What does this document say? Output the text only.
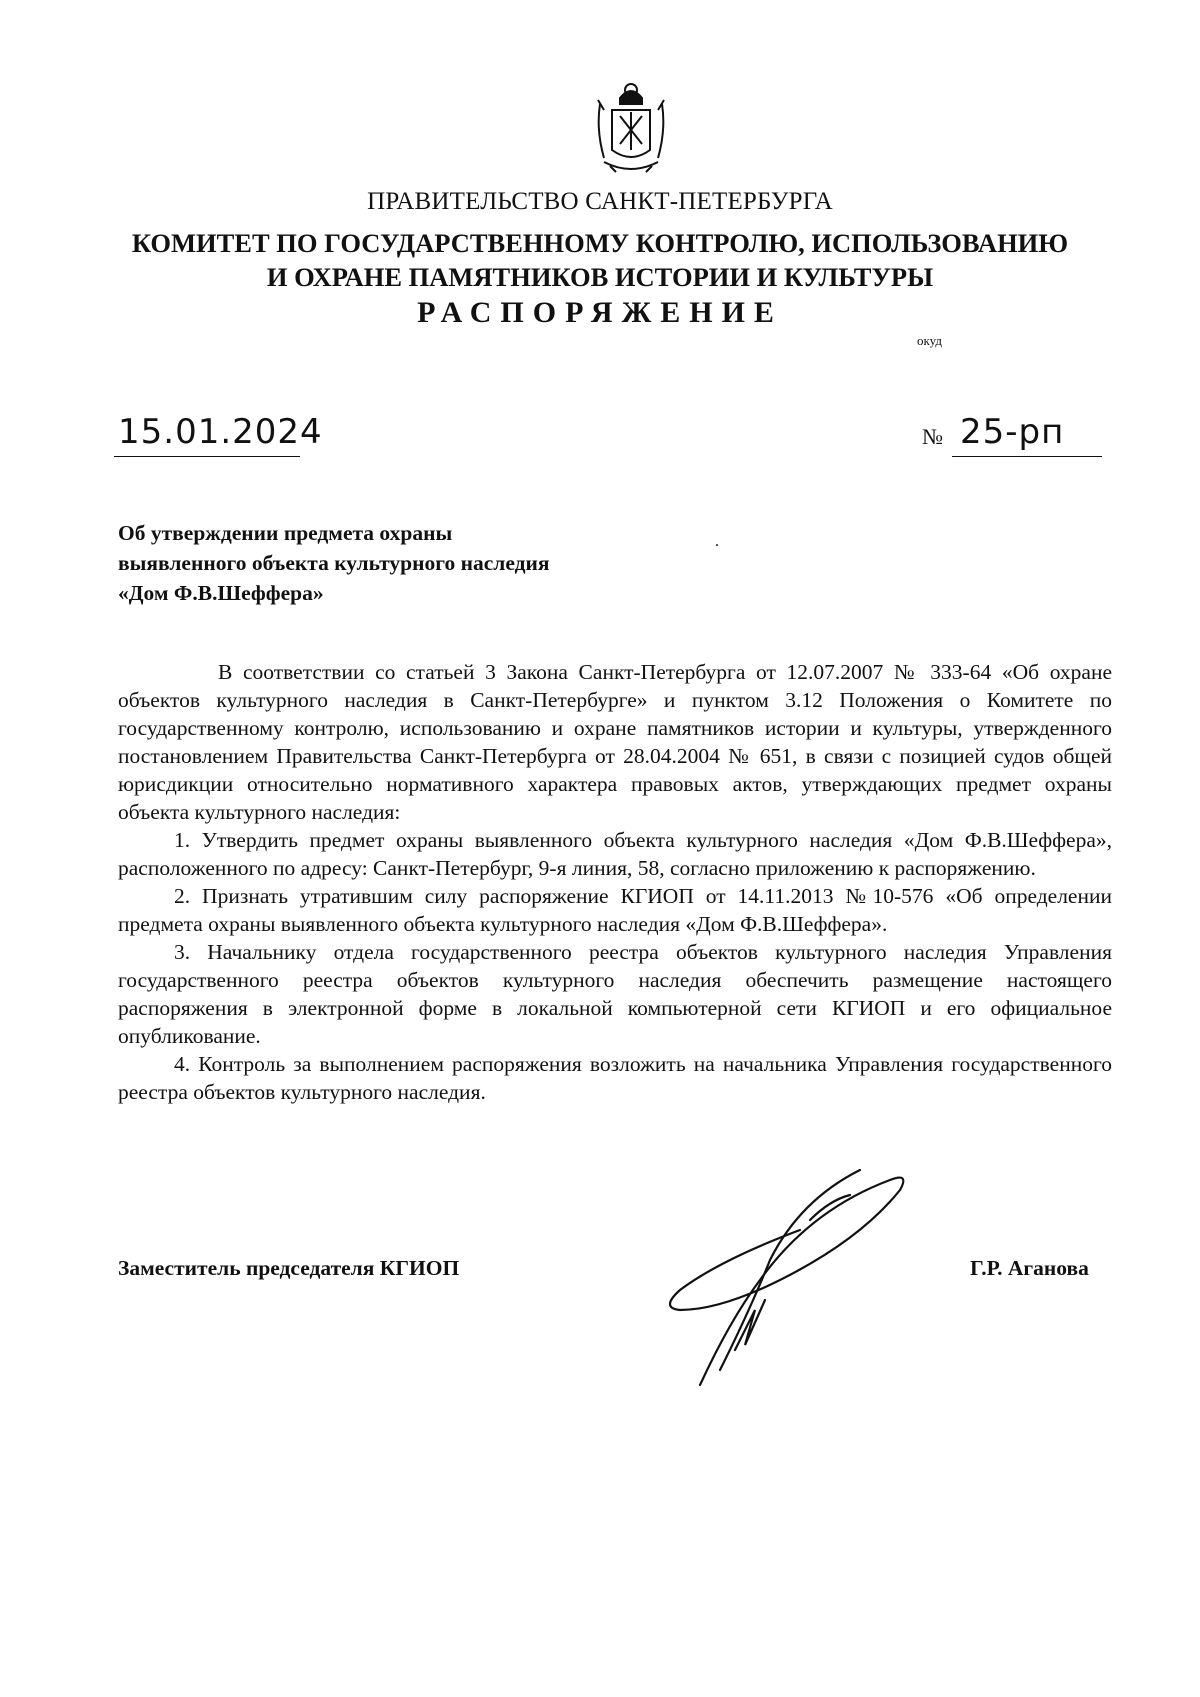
ПРАВИТЕЛЬСТВО САНКТ-ПЕТЕРБУРГА
КОМИТЕТ ПО ГОСУДАРСТВЕННОМУ КОНТРОЛЮ, ИСПОЛЬЗОВАНИЮ
И ОХРАНЕ ПАМЯТНИКОВ ИСТОРИИ И КУЛЬТУРЫ
РАСПОРЯЖЕНИЕ
окуд
15.01.2024	№ 25-рп
Об утверждении предмета охраны
выявленного объекта культурного наследия
«Дом Ф.В.Шеффера»

В соответствии со статьей 3 Закона Санкт-Петербурга от 12.07.2007 № 333-64 «Об охране объектов культурного наследия в Санкт-Петербурге» и пунктом 3.12 Положения о Комитете по государственному контролю, использованию и охране памятников истории и культуры, утвержденного постановлением Правительства Санкт-Петербурга от 28.04.2004 № 651, в связи с позицией судов общей юрисдикции относительно нормативного характера правовых актов, утверждающих предмет охраны объекта культурного наследия:

1. Утвердить предмет охраны выявленного объекта культурного наследия «Дом Ф.В.Шеффера», расположенного по адресу: Санкт-Петербург, 9-я линия, 58, согласно приложению к распоряжению.

2. Признать утратившим силу распоряжение КГИОП от 14.11.2013 №10-576 «Об определении предмета охраны выявленного объекта культурного наследия «Дом Ф.В.Шеффера».

3. Начальнику отдела государственного реестра объектов культурного наследия Управления государственного реестра объектов культурного наследия обеспечить размещение настоящего распоряжения в электронной форме в локальной компьютерной сети КГИОП и его официальное опубликование.

4. Контроль за выполнением распоряжения возложить на начальника Управления государственного реестра объектов культурного наследия.

Заместитель председателя КГИОП	Г.Р. Аганова
